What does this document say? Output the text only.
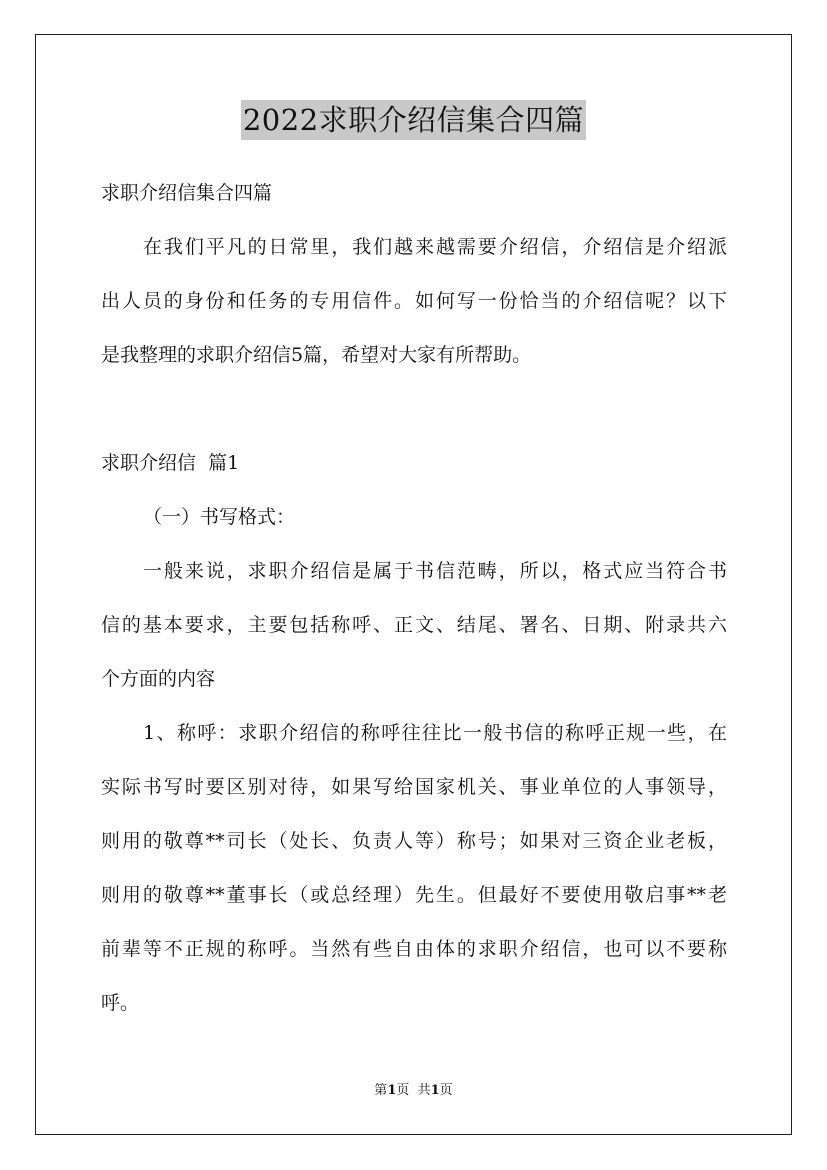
2022求职介绍信集合四篇
求职介绍信集合四篇
在我们平凡的日常里，我们越来越需要介绍信，介绍信是介绍派
出人员的身份和任务的专用信件。如何写一份恰当的介绍信呢？以下
是我整理的求职介绍信5篇，希望对大家有所帮助。
求职介绍信  篇1
（一）书写格式：
一般来说，求职介绍信是属于书信范畴，所以，格式应当符合书
信的基本要求，主要包括称呼、正文、结尾、署名、日期、附录共六
个方面的内容
1、称呼：求职介绍信的称呼往往比一般书信的称呼正规一些，在
实际书写时要区别对待，如果写给国家机关、事业单位的人事领导，
则用的敬尊**司长（处长、负责人等）称号；如果对三资企业老板，
则用的敬尊**董事长（或总经理）先生。但最好不要使用敬启事**老
前辈等不正规的称呼。当然有些自由体的求职介绍信，也可以不要称
呼。
第1页  共1页
